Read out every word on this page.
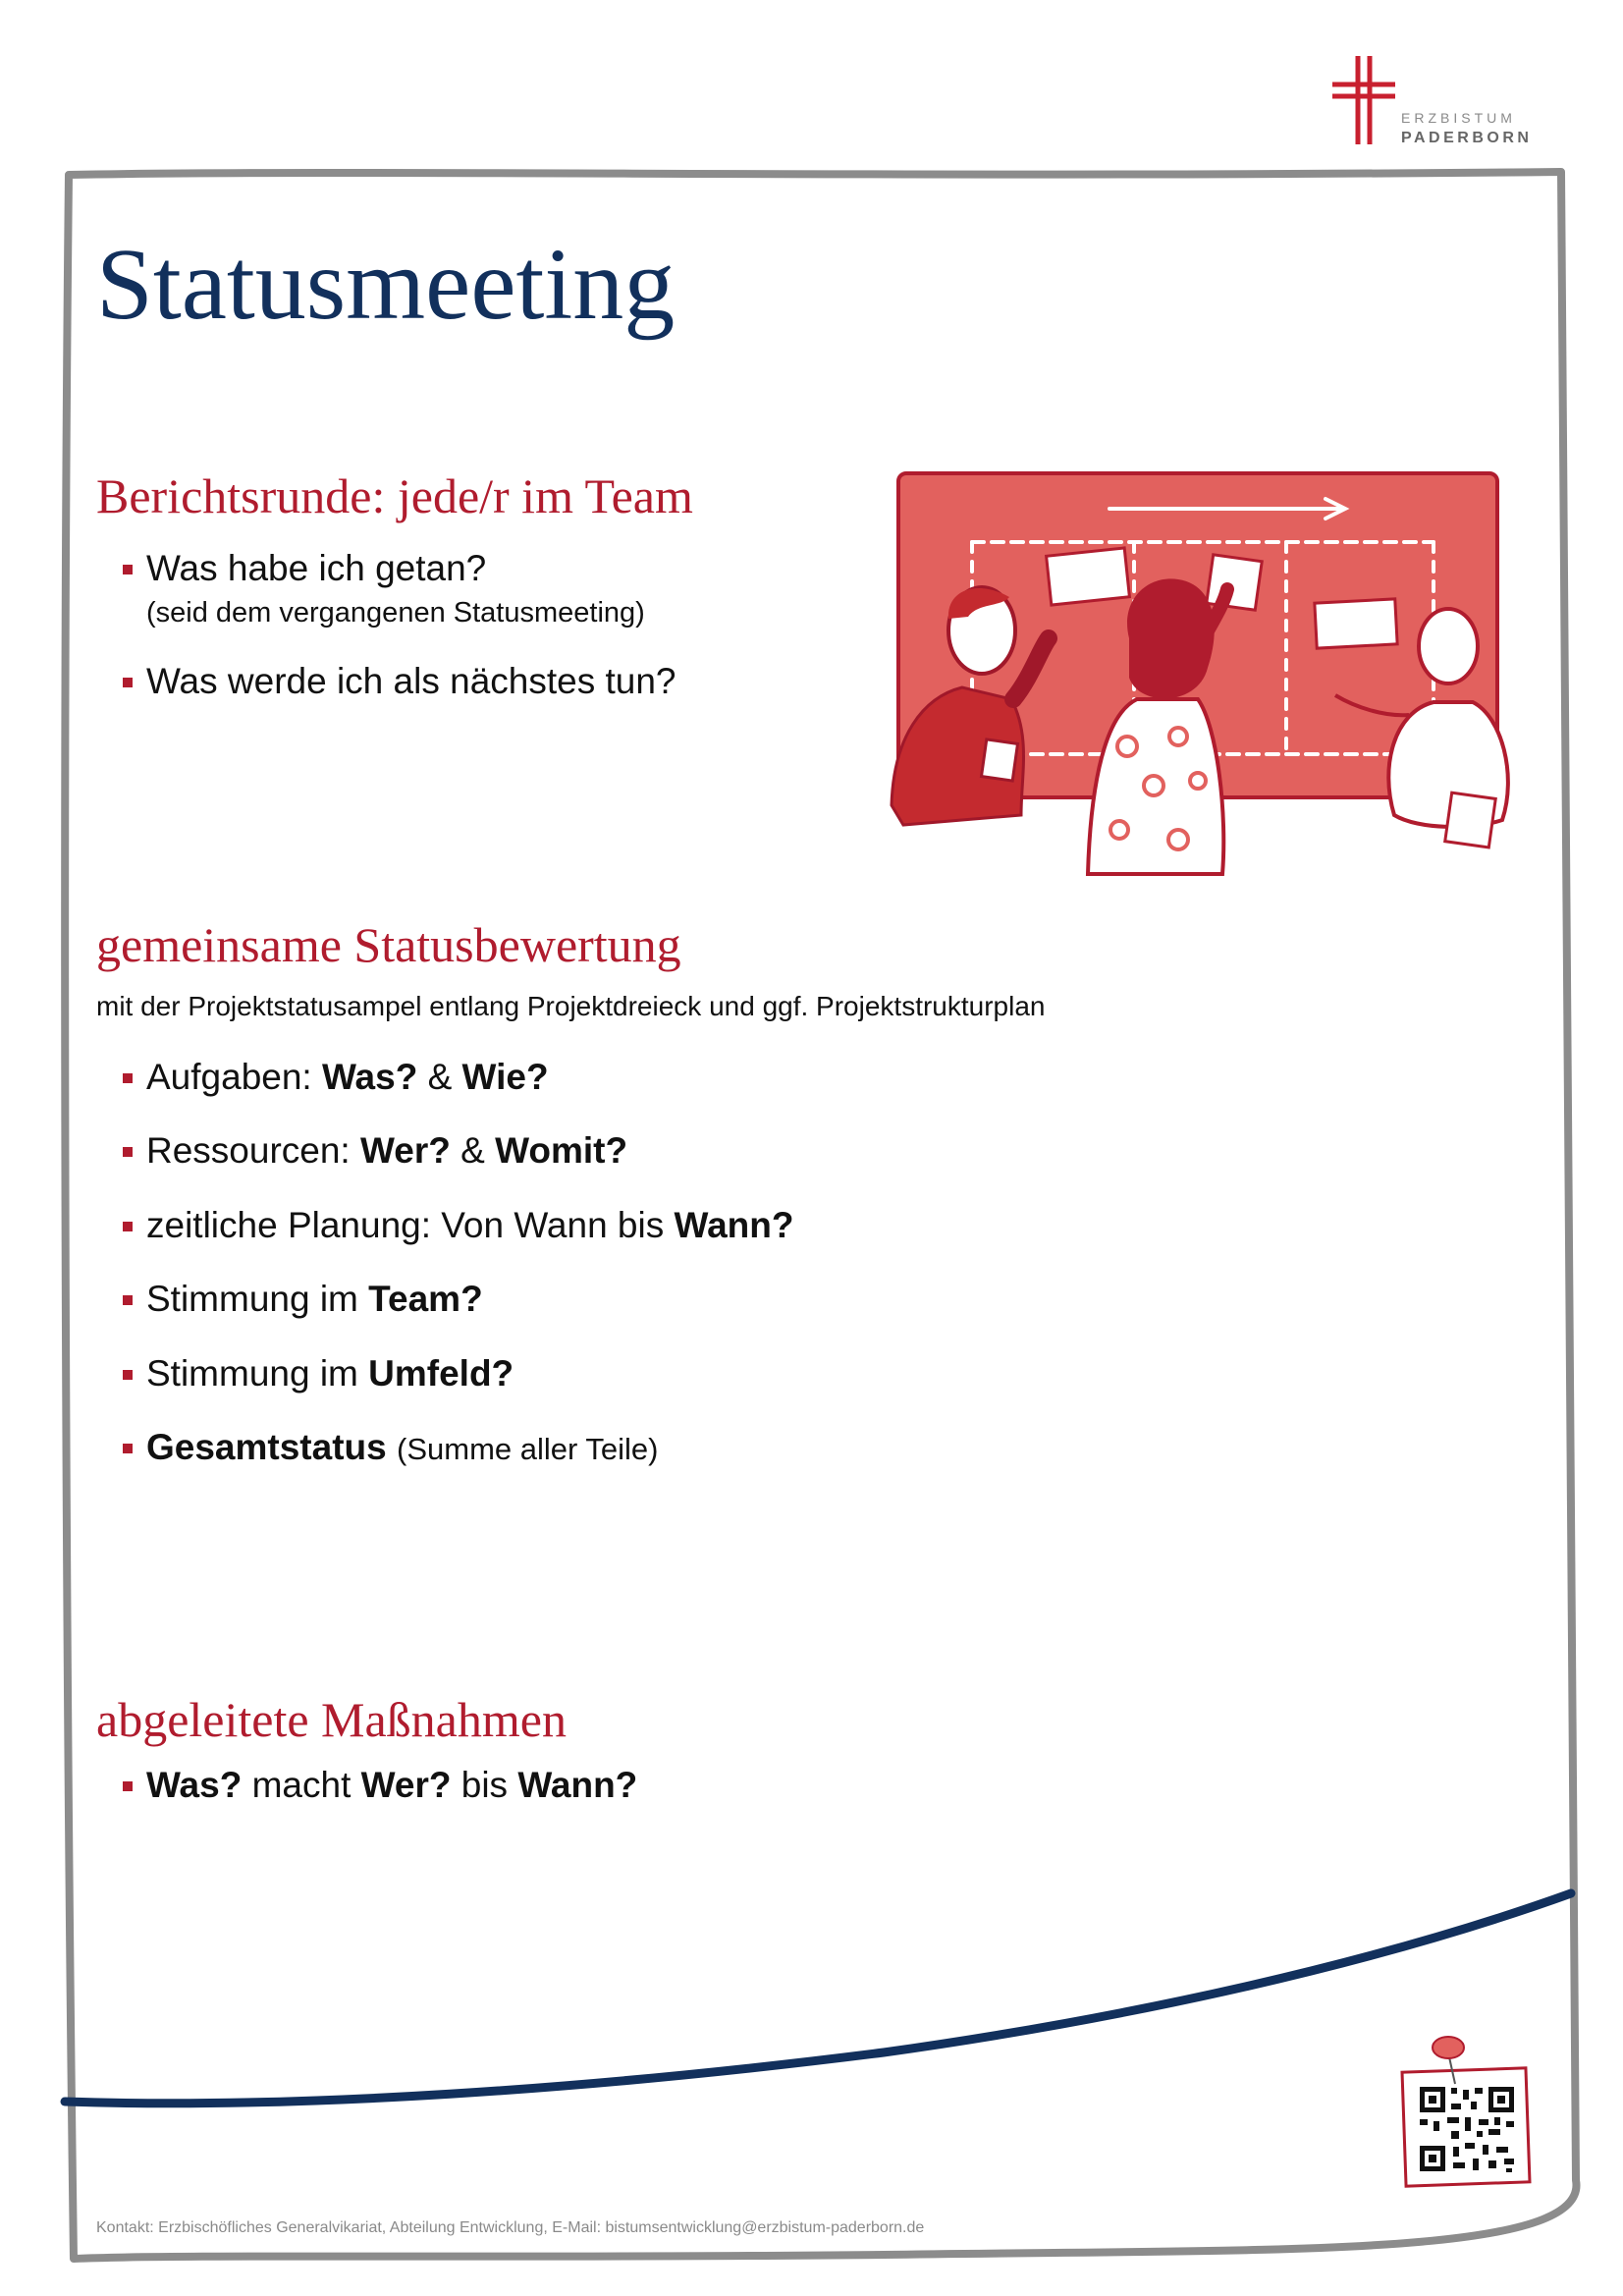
ERZBISTUM
PADERBORN
Statusmeeting
Berichtsrunde: jede/r im Team
Was habe ich getan?
(seid dem vergangenen Statusmeeting)
Was werde ich als nächstes tun?
gemeinsame Statusbewertung
mit der Projektstatusampel entlang Projektdreieck und ggf. Projektstrukturplan
Aufgaben: Was? & Wie?
Ressourcen: Wer? & Womit?
zeitliche Planung: Von Wann bis Wann?
Stimmung im Team?
Stimmung im Umfeld?
Gesamtstatus (Summe aller Teile)
abgeleitete Maßnahmen
Was? macht Wer? bis Wann?
Kontakt: Erzbischöfliches Generalvikariat, Abteilung Entwicklung, E-Mail: bistumsentwicklung@erzbistum-paderborn.de
